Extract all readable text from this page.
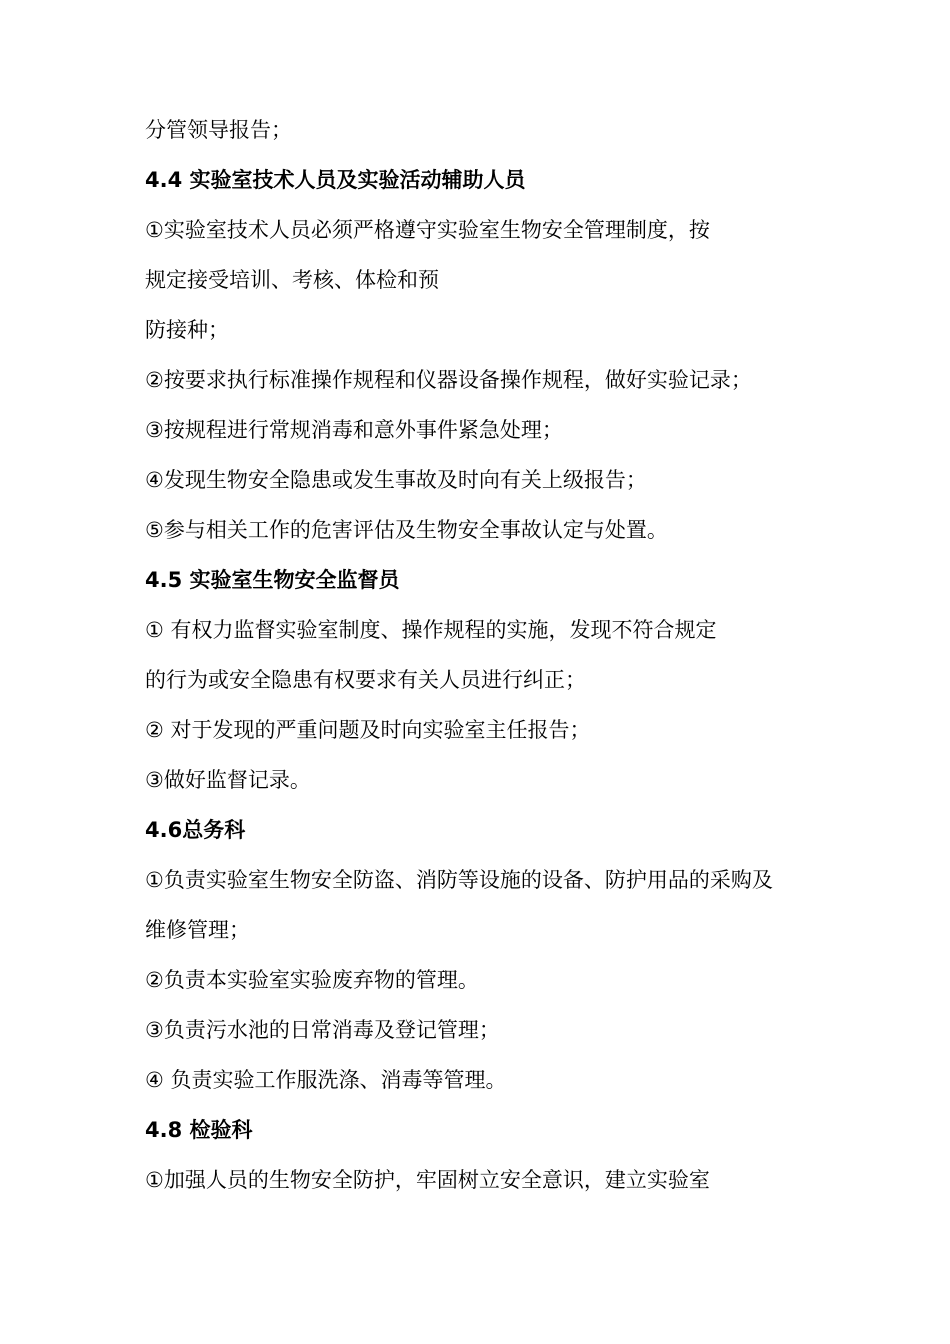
分管领导报告；
4.4 实验室技术人员及实验活动辅助人员
①实验室技术人员必须严格遵守实验室生物安全管理制度，按
规定接受培训、考核、体检和预
防接种；
②按要求执行标准操作规程和仪器设备操作规程，做好实验记录；
③按规程进行常规消毒和意外事件紧急处理；
④发现生物安全隐患或发生事故及时向有关上级报告；
⑤参与相关工作的危害评估及生物安全事故认定与处置。
4.5 实验室生物安全监督员
① 有权力监督实验室制度、操作规程的实施，发现不符合规定
的行为或安全隐患有权要求有关人员进行纠正；
② 对于发现的严重问题及时向实验室主任报告；
③做好监督记录。
4.6总务科
①负责实验室生物安全防盗、消防等设施的设备、防护用品的采购及
维修管理；
②负责本实验室实验废弃物的管理。
③负责污水池的日常消毒及登记管理；
④ 负责实验工作服洗涤、消毒等管理。
4.8 检验科
①加强人员的生物安全防护，牢固树立安全意识，建立实验室
